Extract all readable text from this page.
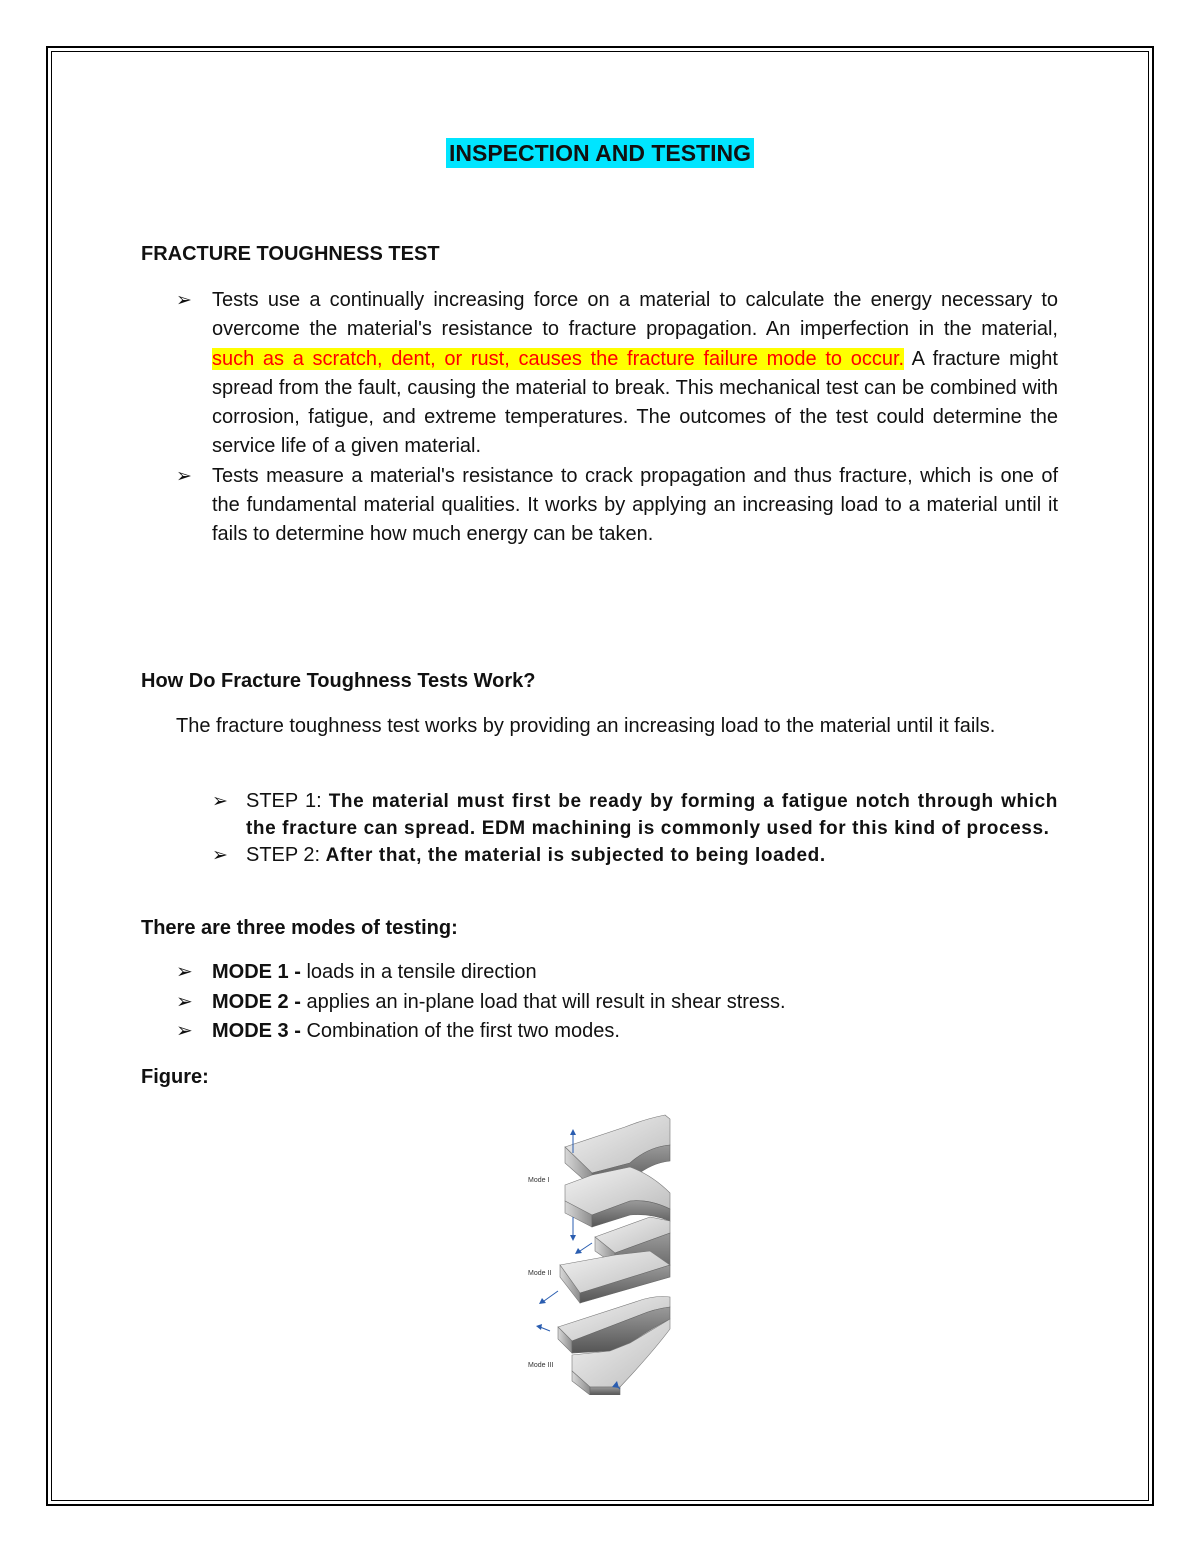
INSPECTION AND TESTING
FRACTURE TOUGHNESS TEST
➢ Tests use a continually increasing force on a material to calculate the energy necessary to overcome the material's resistance to fracture propagation. An imperfection in the material, such as a scratch, dent, or rust, causes the fracture failure mode to occur. A fracture might spread from the fault, causing the material to break. This mechanical test can be combined with corrosion, fatigue, and extreme temperatures. The outcomes of the test could determine the service life of a given material.
➢ Tests measure a material's resistance to crack propagation and thus fracture, which is one of the fundamental material qualities. It works by applying an increasing load to a material until it fails to determine how much energy can be taken.
How Do Fracture Toughness Tests Work?
The fracture toughness test works by providing an increasing load to the material until it fails.
➢ STEP 1: The material must first be ready by forming a fatigue notch through which the fracture can spread. EDM machining is commonly used for this kind of process.
➢ STEP 2: After that, the material is subjected to being loaded.
There are three modes of testing:
➢ MODE 1 - loads in a tensile direction
➢ MODE 2 - applies an in-plane load that will result in shear stress.
➢ MODE 3 - Combination of the first two modes.
Figure:
Mode I
Mode II
Mode III
